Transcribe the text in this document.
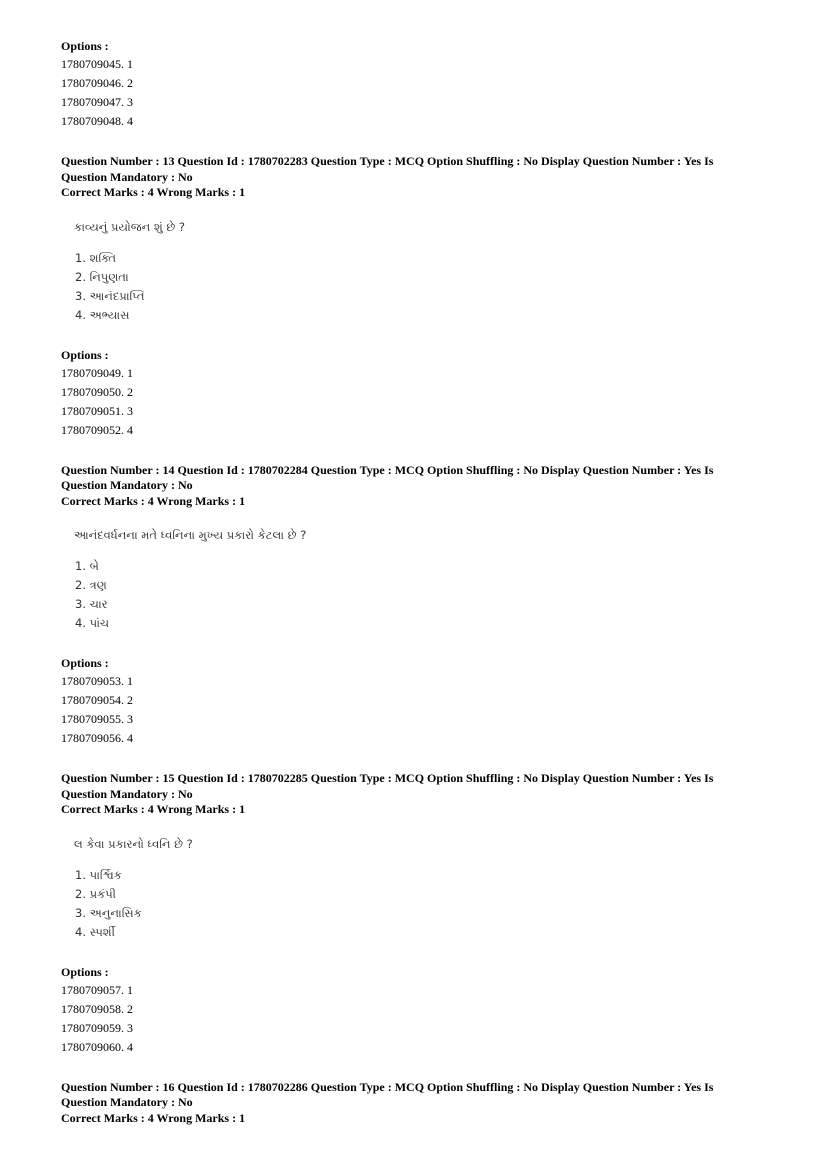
Options :
1780709045. 1
1780709046. 2
1780709047. 3
1780709048. 4
Question Number : 13 Question Id : 1780702283 Question Type : MCQ Option Shuffling : No Display Question Number : Yes Is
Question Mandatory : No
Correct Marks : 4 Wrong Marks : 1
કાવ્યનું પ્રયોજન શું છે ?
1. શક્તિ
2. નિપુણતા
3. આનંદપ્રાપ્તિ
4. અભ્યાસ
Options :
1780709049. 1
1780709050. 2
1780709051. 3
1780709052. 4
Question Number : 14 Question Id : 1780702284 Question Type : MCQ Option Shuffling : No Display Question Number : Yes Is
Question Mandatory : No
Correct Marks : 4 Wrong Marks : 1
આનંદવર્ધનના મતે ધ્વનિના મુખ્ય પ્રકારો કેટલા છે ?
1. બે
2. ત્રણ
3. ચાર
4. પાંચ
Options :
1780709053. 1
1780709054. 2
1780709055. 3
1780709056. 4
Question Number : 15 Question Id : 1780702285 Question Type : MCQ Option Shuffling : No Display Question Number : Yes Is
Question Mandatory : No
Correct Marks : 4 Wrong Marks : 1
લ કેવા પ્રકારનો ધ્વનિ છે ?
1. પાર્શ્વિક
2. પ્રકંપી
3. અનુનાસિક
4. સ્પર્શી
Options :
1780709057. 1
1780709058. 2
1780709059. 3
1780709060. 4
Question Number : 16 Question Id : 1780702286 Question Type : MCQ Option Shuffling : No Display Question Number : Yes Is
Question Mandatory : No
Correct Marks : 4 Wrong Marks : 1
